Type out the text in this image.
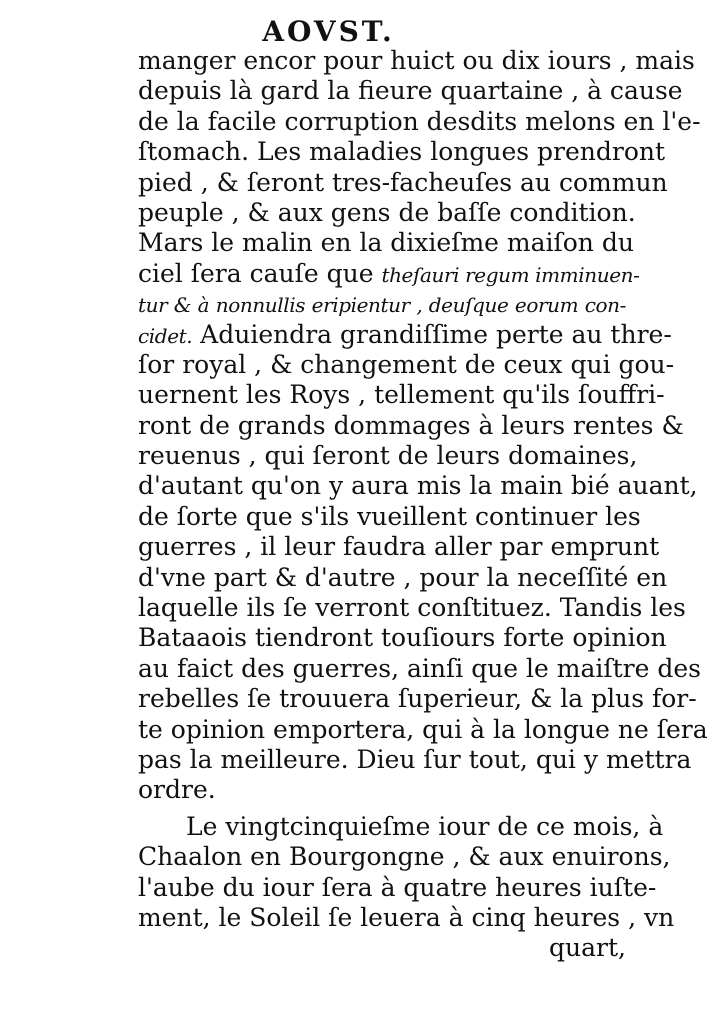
AOVST.
manger encor pour huict ou dix iours , mais
depuis là gard la fieure quartaine , à cause
de la facile corruption desdits melons en l'e-
ſtomach. Les maladies longues prendront
pied , & ſeront tres-facheuſes au commun
peuple , & aux gens de baſſe condition.
Mars le malin en la dixieſme maiſon du
ciel ſera cauſe que theſauri regum imminuen-
tur & à nonnullis eripientur , deuſque eorum con-
cidet. Aduiendra grandiſſime perte au thre-
ſor royal , & changement de ceux qui gou-
uernent les Roys , tellement qu'ils ſouffri-
ront de grands dommages à leurs rentes &
reuenus , qui ſeront de leurs domaines,
d'autant qu'on y aura mis la main bié auant,
de ſorte que s'ils vueillent continuer les
guerres , il leur faudra aller par emprunt
d'vne part & d'autre , pour la neceſſité en
laquelle ils ſe verront conſtituez. Tandis les
Bataaois tiendront touſiours forte opinion
au faict des guerres, ainſi que le maiſtre des
rebelles ſe trouuera ſuperieur, & la plus for-
te opinion emportera, qui à la longue ne ſera
pas la meilleure. Dieu ſur tout, qui y mettra
ordre.
Le vingtcinquieſme iour de ce mois, à
Chaalon en Bourgongne , & aux enuirons,
l'aube du iour ſera à quatre heures iuſte-
ment, le Soleil ſe leuera à cinq heures , vn
quart,
